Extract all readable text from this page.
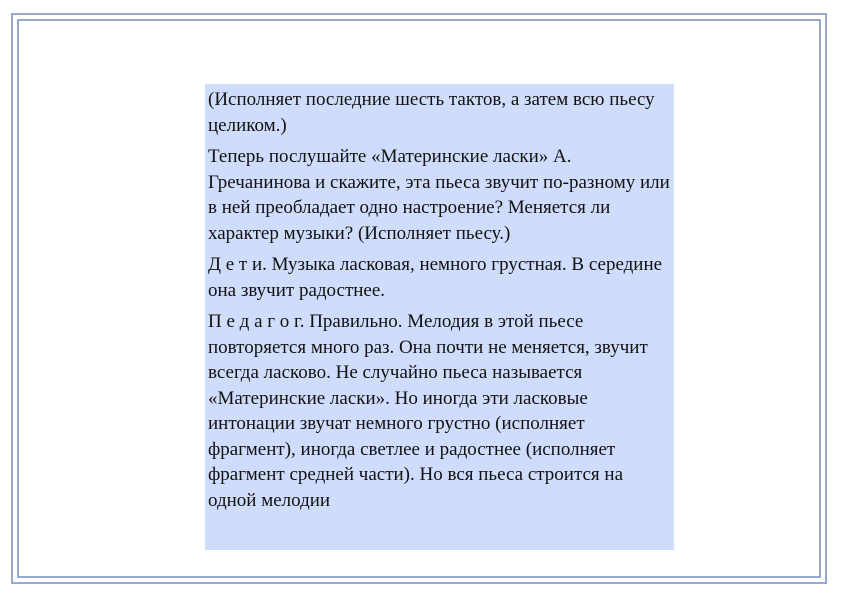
(Исполняет последние шесть тактов, а затем всю пьесу целиком.)

Теперь послушайте «Материнские ласки» А. Гречанинова и скажите, эта пьеса звучит по-разному или в ней преобладает одно настроение? Меняется ли характер музыки? (Исполняет пьесу.)

Д е т и. Музыка ласковая, немного грустная. В середине она звучит радостнее.

П е д а г о г. Правильно. Мелодия в этой пьесе повторяется много раз. Она почти не меняется, звучит всегда ласково. Не случайно пьеса называется «Материнские ласки». Но иногда эти ласковые интонации звучат немного грустно (исполняет фрагмент), иногда светлее и радостнее (исполняет фрагмент средней части). Но вся пьеса строится на одной мелодии
